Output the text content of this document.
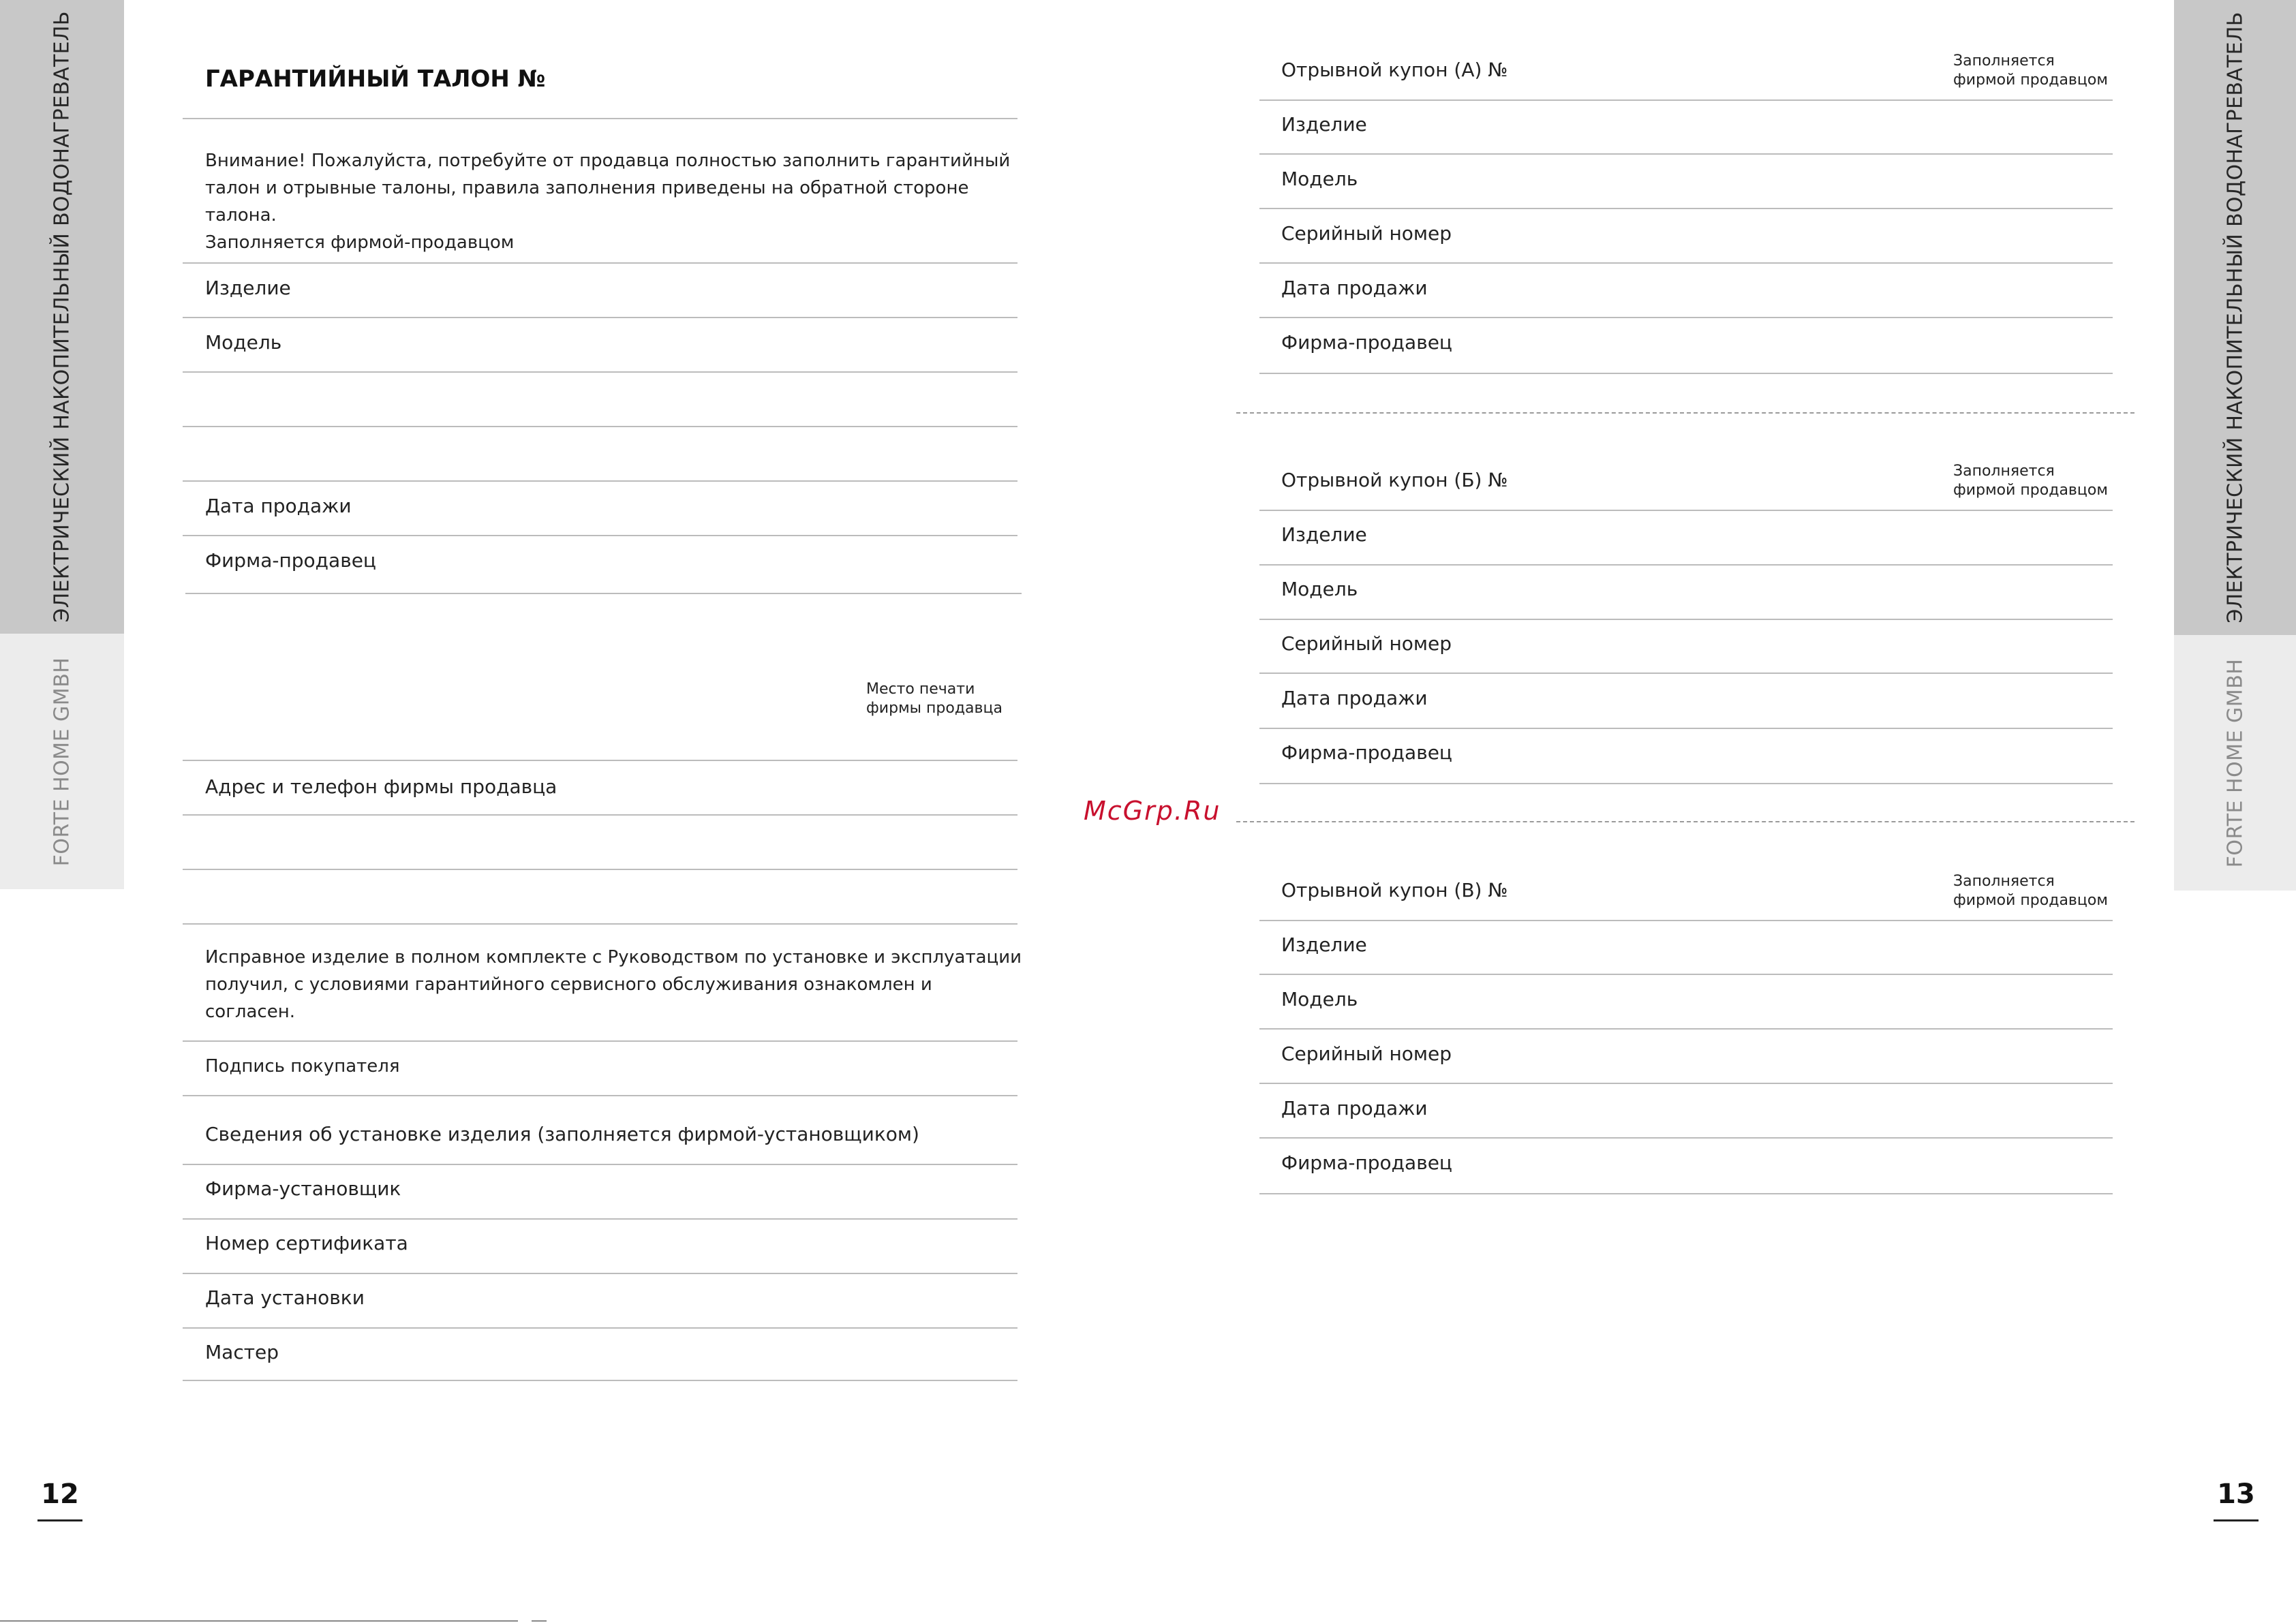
ЭЛЕКТРИЧЕСКИЙ НАКОПИТЕЛЬНЫЙ ВОДОНАГРЕВАТЕЛЬ
FORTE HOME GMBH
ЭЛЕКТРИЧЕСКИЙ НАКОПИТЕЛЬНЫЙ ВОДОНАГРЕВАТЕЛЬ
FORTE HOME GMBH
12	13
McGrp.Ru
ГАРАНТИЙНЫЙ ТАЛОН №
Внимание! Пожалуйста, потребуйте от продавца полностью заполнить гарантийный
талон и отрывные талоны, правила заполнения приведены на обратной стороне талона.
Заполняется фирмой-продавцом
Изделие
Модель
Дата продажи
Фирма-продавец
Место печати
фирмы продавца
Адрес и телефон фирмы продавца
Исправное изделие в полном комплекте с Руководством по установке и эксплуатации
получил, с условиями гарантийного сервисного обслуживания ознакомлен и согласен.
Подпись покупателя
Сведения об установке изделия (заполняется фирмой-установщиком)
Фирма-установщик
Номер сертификата
Дата установки
Мастер
Отрывной купон (А) №	Заполняется
фирмой продавцом
Изделие
Модель
Серийный номер
Дата продажи
Фирма-продавец
Отрывной купон (Б) №	Заполняется
фирмой продавцом
Изделие
Модель
Серийный номер
Дата продажи
Фирма-продавец
Отрывной купон (В) №	Заполняется
фирмой продавцом
Изделие
Модель
Серийный номер
Дата продажи
Фирма-продавец
